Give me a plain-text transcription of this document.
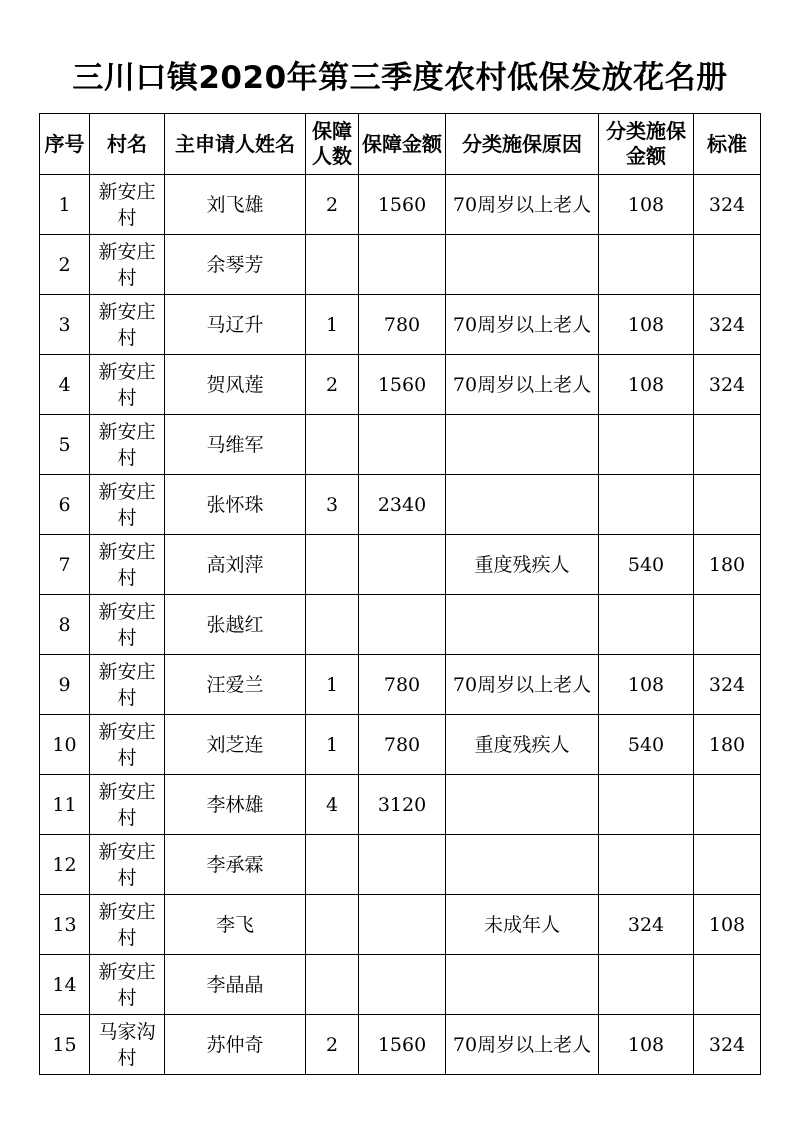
三川口镇2020年第三季度农村低保发放花名册
序号	村名	主申请人姓名	保障人数	保障金额	分类施保原因	分类施保金额	标准
1	新安庄村	刘飞雄	2	1560	70周岁以上老人	108	324
2	新安庄村	余琴芳					
3	新安庄村	马辽升	1	780	70周岁以上老人	108	324
4	新安庄村	贺风莲	2	1560	70周岁以上老人	108	324
5	新安庄村	马维军					
6	新安庄村	张怀珠	3	2340			
7	新安庄村	高刘萍			重度残疾人	540	180
8	新安庄村	张越红					
9	新安庄村	汪爱兰	1	780	70周岁以上老人	108	324
10	新安庄村	刘芝连	1	780	重度残疾人	540	180
11	新安庄村	李林雄	4	3120			
12	新安庄村	李承霖					
13	新安庄村	李飞			未成年人	324	108
14	新安庄村	李晶晶					
15	马家沟村	苏仲奇	2	1560	70周岁以上老人	108	324
